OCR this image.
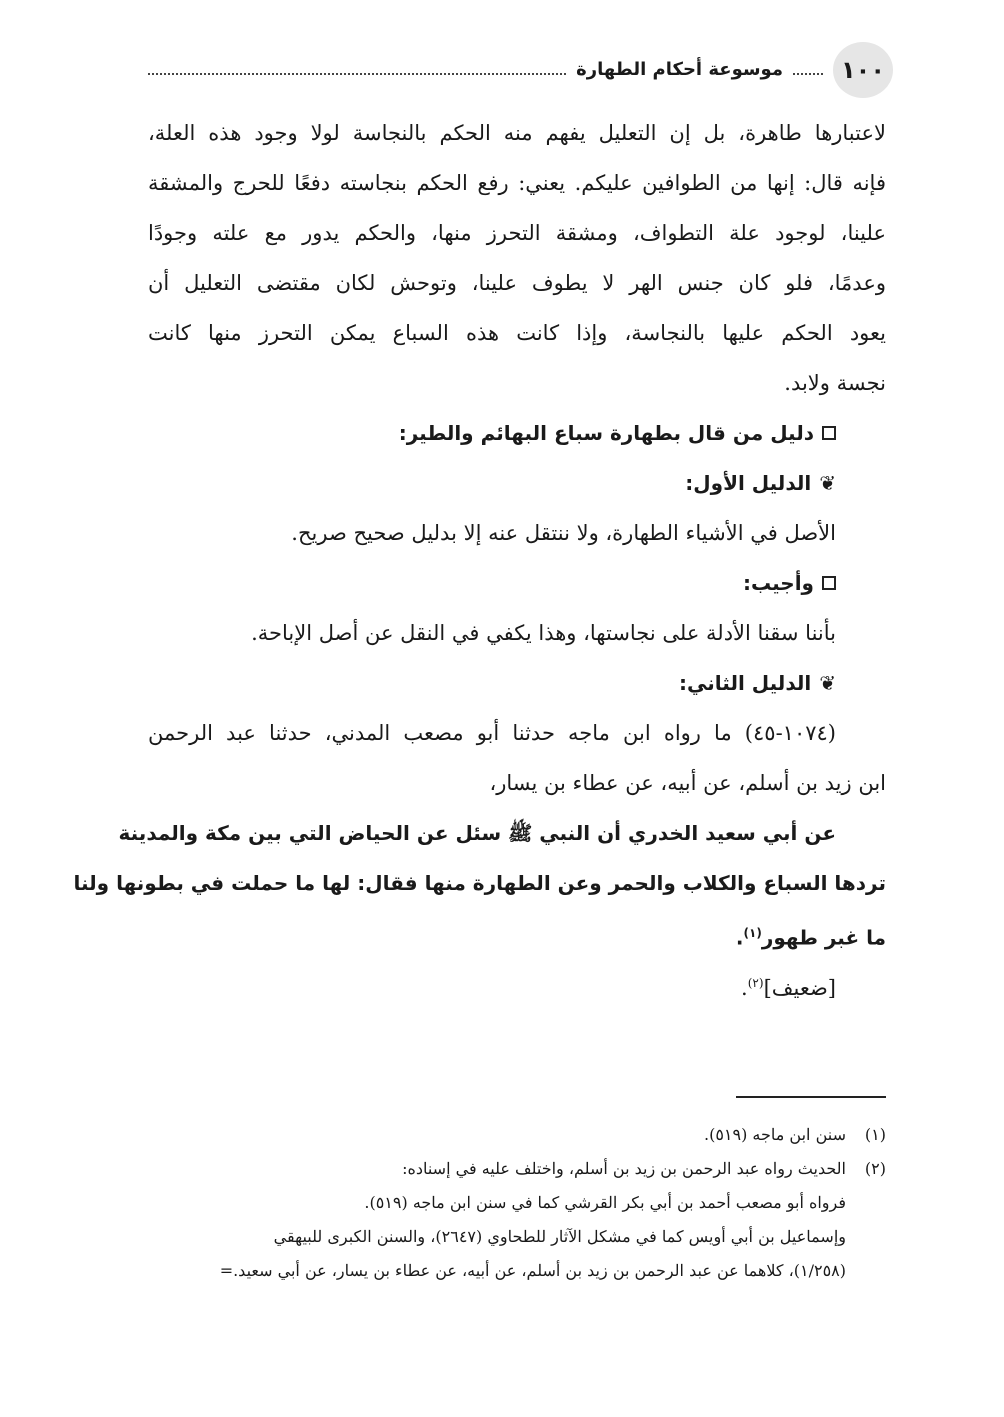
١٠٠
موسوعة أحكام الطهارة
لاعتبارها طاهرة، بل إن التعليل يفهم منه الحكم بالنجاسة لولا وجود هذه العلة،
فإنه قال: إنها من الطوافين عليكم. يعني: رفع الحكم بنجاسته دفعًا للحرج والمشقة
علينا، لوجود علة التطواف، ومشقة التحرز منها، والحكم يدور مع علته وجودًا
وعدمًا، فلو كان جنس الهر لا يطوف علينا، وتوحش لكان مقتضى التعليل أن
يعود الحكم عليها بالنجاسة، وإذا كانت هذه السباع يمكن التحرز منها كانت
نجسة ولابد.
دليل من قال بطهارة سباع البهائم والطير:
❦
الدليل الأول:
الأصل في الأشياء الطهارة، ولا ننتقل عنه إلا بدليل صحيح صريح.
وأجيب:
بأننا سقنا الأدلة على نجاستها، وهذا يكفي في النقل عن أصل الإباحة.
❦
الدليل الثاني:
(١٠٧٤-٤٥) ما رواه ابن ماجه حدثنا أبو مصعب المدني، حدثنا عبد الرحمن
ابن زيد بن أسلم، عن أبيه، عن عطاء بن يسار،
عن أبي سعيد الخدري أن النبي ﷺ سئل عن الحياض التي بين مكة والمدينة
تردها السباع والكلاب والحمر وعن الطهارة منها فقال: لها ما حملت في بطونها ولنا
ما غبر طهور$^{(١)}$.
[ضعيف]$^{(٢)}$.
(١)سنن ابن ماجه (٥١٩).
(٢)الحديث رواه عبد الرحمن بن زيد بن أسلم، واختلف عليه في إسناده:
فرواه أبو مصعب أحمد بن أبي بكر القرشي كما في سنن ابن ماجه (٥١٩).
وإسماعيل بن أبي أويس كما في مشكل الآثار للطحاوي (٢٦٤٧)، والسنن الكبرى للبيهقي
(١/٢٥٨)، كلاهما عن عبد الرحمن بن زيد بن أسلم، عن أبيه، عن عطاء بن يسار، عن أبي سعيد.=
